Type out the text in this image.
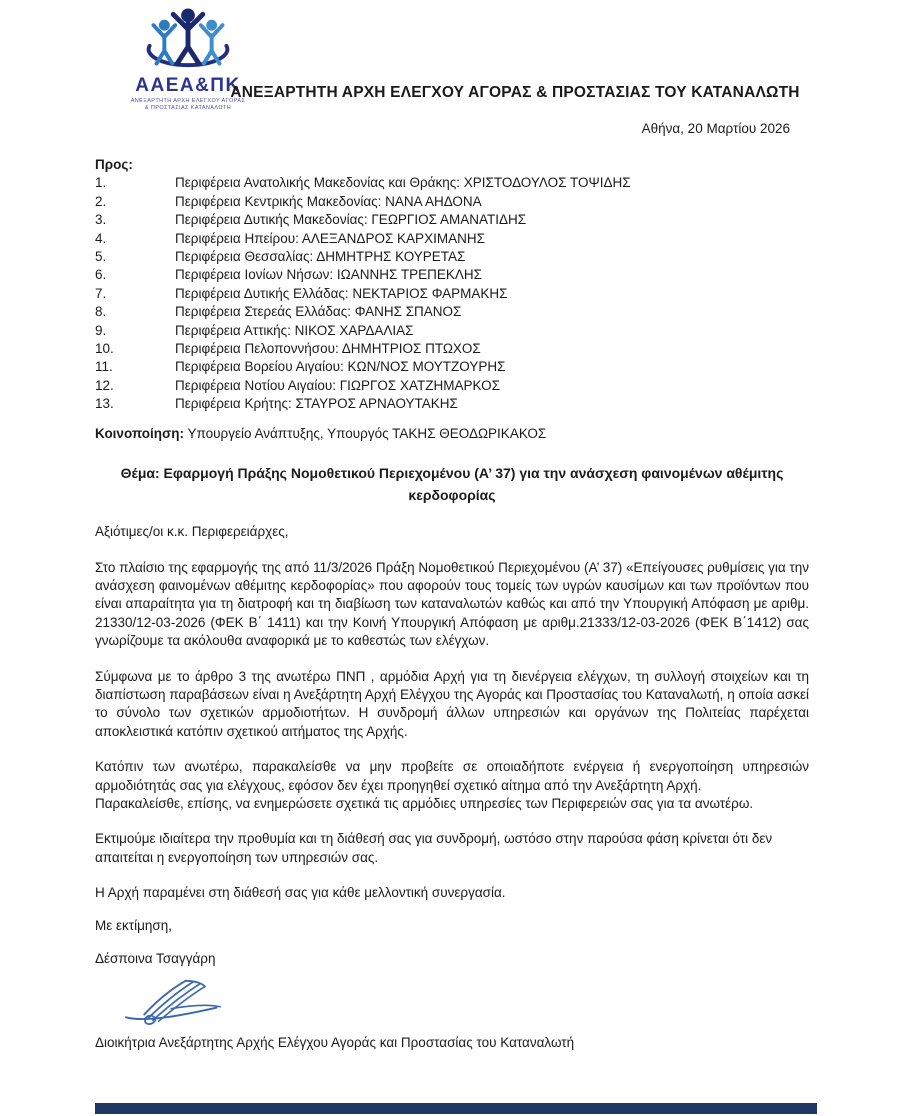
ΑΑΕΑ&ΠΚ
ΑΝΕΞΑΡΤΗΤΗ ΑΡΧΗ ΕΛΕΓΧΟΥ ΑΓΟΡΑΣ
& ΠΡΟΣΤΑΣΙΑΣ ΚΑΤΑΝΑΛΩΤΗ
ΑΝΕΞΑΡΤΗΤΗ ΑΡΧΗ ΕΛΕΓΧΟΥ ΑΓΟΡΑΣ & ΠΡΟΣΤΑΣΙΑΣ ΤΟΥ ΚΑΤΑΝΑΛΩΤΗ
Αθήνα, 20 Μαρτίου 2026
Προς:
1.	Περιφέρεια Ανατολικής Μακεδονίας και Θράκης: ΧΡΙΣΤΟΔΟΥΛΟΣ ΤΟΨΙΔΗΣ
2.	Περιφέρεια Κεντρικής Μακεδονίας: ΝΑΝΑ ΑΗΔΟΝΑ
3.	Περιφέρεια Δυτικής Μακεδονίας: ΓΕΩΡΓΙΟΣ ΑΜΑΝΑΤΙΔΗΣ
4.	Περιφέρεια Ηπείρου: ΑΛΕΞΑΝΔΡΟΣ ΚΑΡΧΙΜΑΝΗΣ
5.	Περιφέρεια Θεσσαλίας: ΔΗΜΗΤΡΗΣ ΚΟΥΡΕΤΑΣ
6.	Περιφέρεια Ιονίων Νήσων: ΙΩΑΝΝΗΣ ΤΡΕΠΕΚΛΗΣ
7.	Περιφέρεια Δυτικής Ελλάδας: ΝΕΚΤΑΡΙΟΣ ΦΑΡΜΑΚΗΣ
8.	Περιφέρεια Στερεάς Ελλάδας: ΦΑΝΗΣ ΣΠΑΝΟΣ
9.	Περιφέρεια Αττικής: ΝΙΚΟΣ ΧΑΡΔΑΛΙΑΣ
10.	Περιφέρεια Πελοποννήσου: ΔΗΜΗΤΡΙΟΣ ΠΤΩΧΟΣ
11.	Περιφέρεια Βορείου Αιγαίου: ΚΩΝ/ΝΟΣ ΜΟΥΤΖΟΥΡΗΣ
12.	Περιφέρεια Νοτίου Αιγαίου: ΓΙΩΡΓΟΣ ΧΑΤΖΗΜΑΡΚΟΣ
13.	Περιφέρεια Κρήτης: ΣΤΑΥΡΟΣ ΑΡΝΑΟΥΤΑΚΗΣ
Κοινοποίηση: Υπουργείο Ανάπτυξης, Υπουργός ΤΑΚΗΣ ΘΕΟΔΩΡΙΚΑΚΟΣ
Θέμα: Εφαρμογή Πράξης Νομοθετικού Περιεχομένου (Α’ 37) για την ανάσχεση φαινομένων αθέμιτης κερδοφορίας
Αξιότιμες/οι κ.κ. Περιφερειάρχες,
Στο πλαίσιο της εφαρμογής της από 11/3/2026 Πράξη Νομοθετικού Περιεχομένου (Α’ 37) «Επείγουσες ρυθμίσεις για την ανάσχεση φαινομένων αθέμιτης κερδοφορίας» που αφορούν τους τομείς των υγρών καυσίμων και των προϊόντων που είναι απαραίτητα για τη διατροφή και τη διαβίωση των καταναλωτών καθώς και από την Υπουργική Απόφαση με αριθμ. 21330/12-03-2026 (ΦΕΚ Β΄ 1411) και την Κοινή Υπουργική Απόφαση με αριθμ.21333/12-03-2026 (ΦΕΚ Β΄1412) σας γνωρίζουμε τα ακόλουθα αναφορικά με το καθεστώς των ελέγχων.
Σύμφωνα με το άρθρο 3 της ανωτέρω ΠΝΠ , αρμόδια Αρχή για τη διενέργεια ελέγχων, τη συλλογή στοιχείων και τη διαπίστωση παραβάσεων είναι η Ανεξάρτητη Αρχή Ελέγχου της Αγοράς και Προστασίας του Καταναλωτή, η οποία ασκεί το σύνολο των σχετικών αρμοδιοτήτων. Η συνδρομή άλλων υπηρεσιών και οργάνων της Πολιτείας παρέχεται αποκλειστικά κατόπιν σχετικού αιτήματος της Αρχής.
Κατόπιν των ανωτέρω, παρακαλείσθε να μην προβείτε σε οποιαδήποτε ενέργεια ή ενεργοποίηση υπηρεσιών αρμοδιότητάς σας για ελέγχους, εφόσον δεν έχει προηγηθεί σχετικό αίτημα από την Ανεξάρτητη Αρχή.
Παρακαλείσθε, επίσης, να ενημερώσετε σχετικά τις αρμόδιες υπηρεσίες των Περιφερειών σας για τα ανωτέρω.
Εκτιμούμε ιδιαίτερα την προθυμία και τη διάθεσή σας για συνδρομή, ωστόσο στην παρούσα φάση κρίνεται ότι δεν απαιτείται η ενεργοποίηση των υπηρεσιών σας.
Η Αρχή παραμένει στη διάθεσή σας για κάθε μελλοντική συνεργασία.
Με εκτίμηση,
Δέσποινα Τσαγγάρη
Διοικήτρια Ανεξάρτητης Αρχής Ελέγχου Αγοράς και Προστασίας του Καταναλωτή
